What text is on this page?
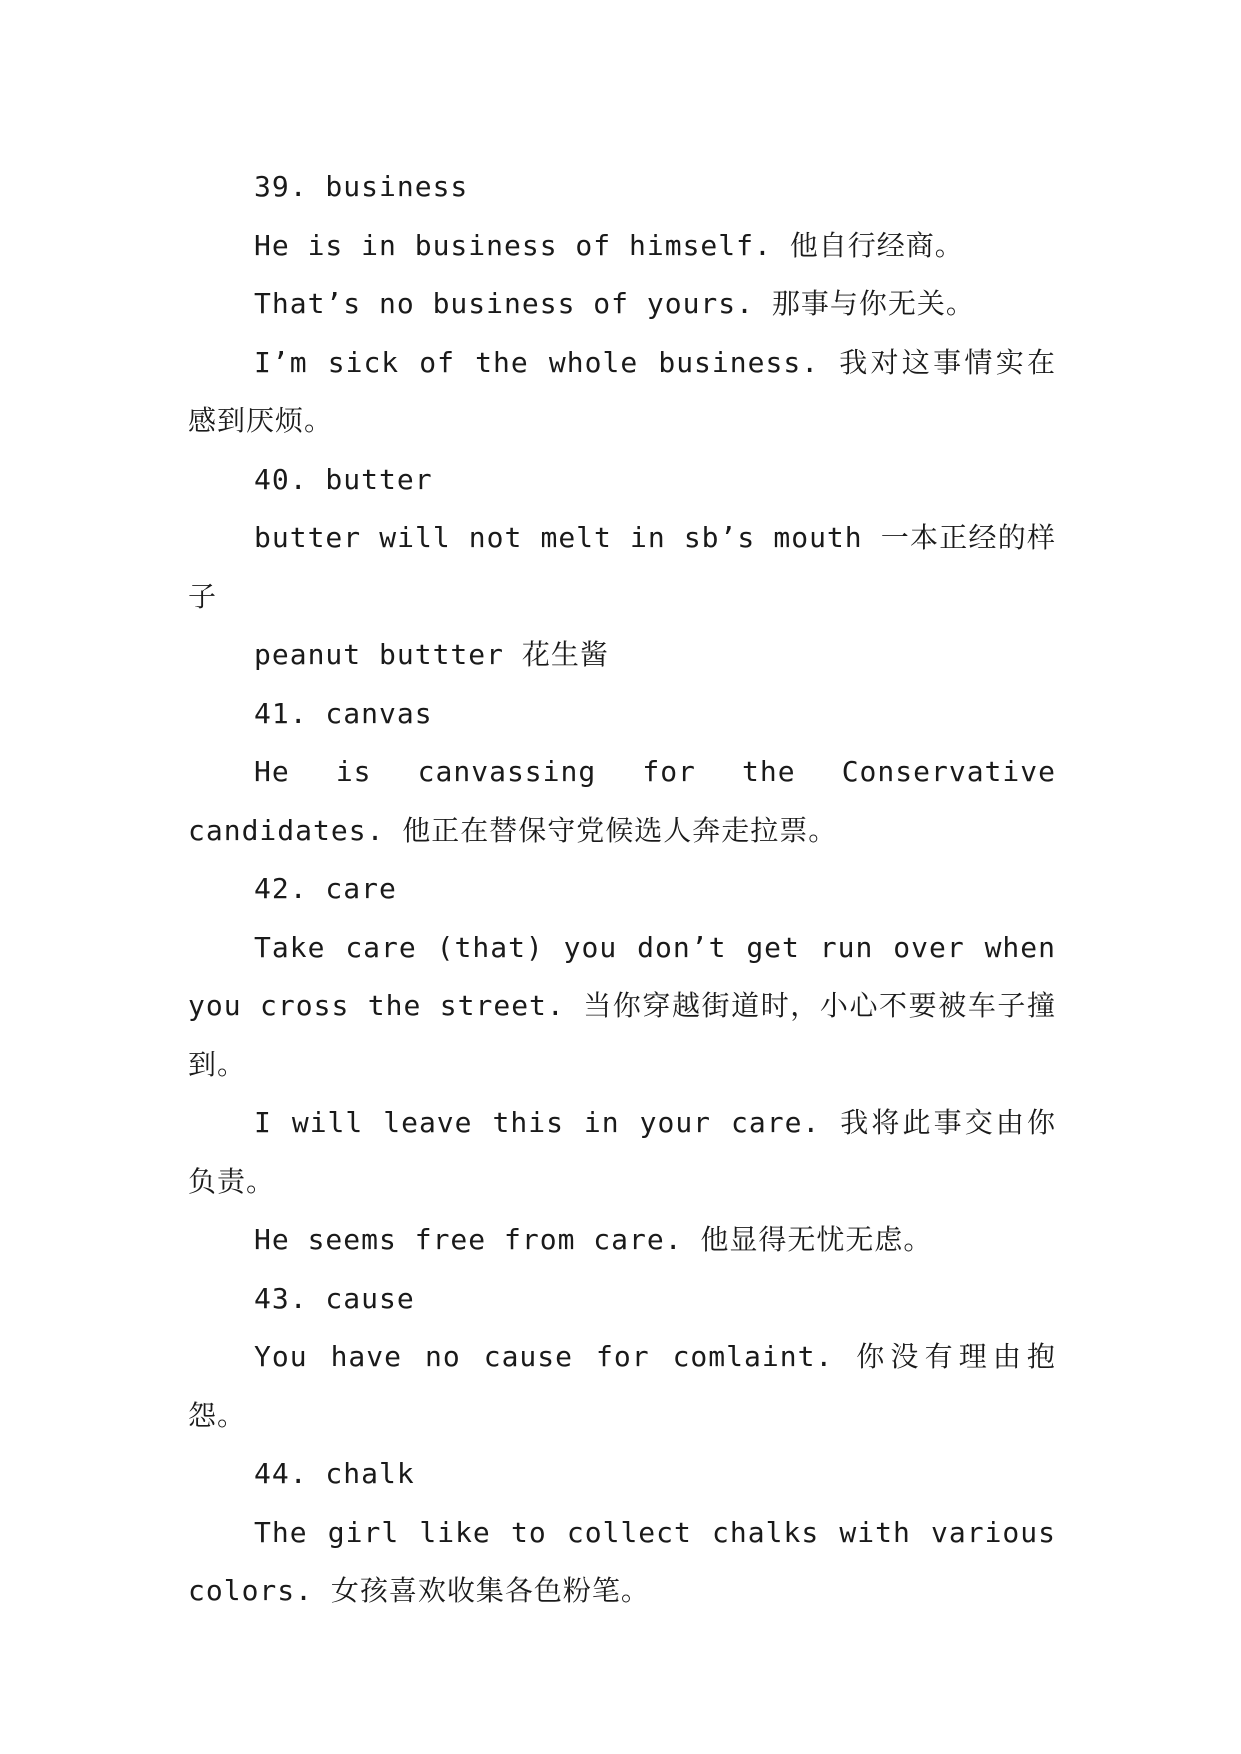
39. business

He is in business of himself. 他自行经商。

That’s no business of yours. 那事与你无关。

I’m sick of the whole business. 我对这事情实在感到厌烦。

40. butter

butter will not melt in sb’s mouth 一本正经的样子

peanut buttter 花生酱

41. canvas

He is canvassing for the Conservative candidates. 他正在替保守党候选人奔走拉票。

42. care

Take care (that) you don’t get run over when you cross the street. 当你穿越街道时，小心不要被车子撞到。

I will leave this in your care. 我将此事交由你负责。

He seems free from care. 他显得无忧无虑。

43. cause

You have no cause for comlaint. 你没有理由抱怨。

44. chalk

The girl like to collect chalks with various colors. 女孩喜欢收集各色粉笔。
